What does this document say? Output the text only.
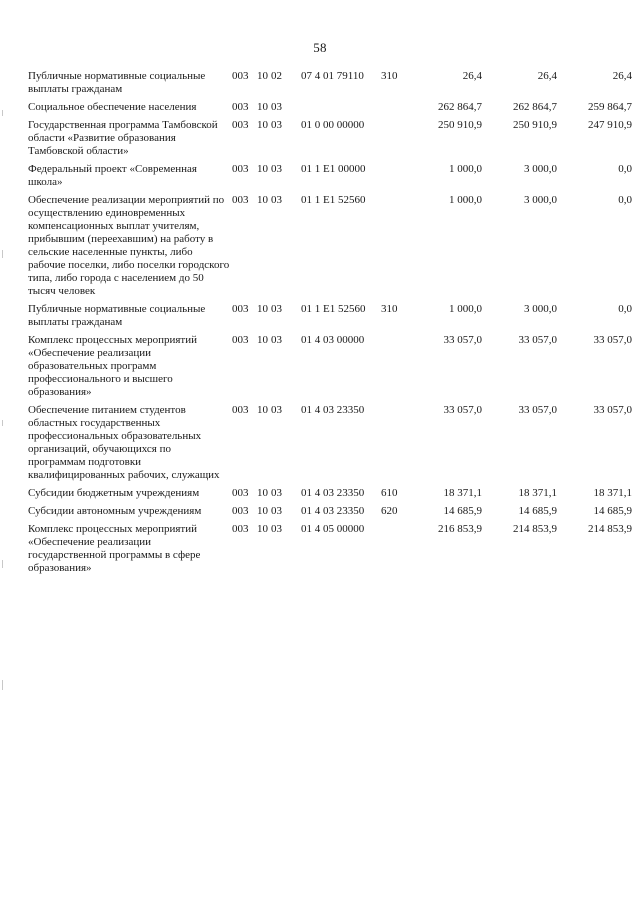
58
Публичные нормативные социальные выплаты гражданам	003	10	02	07 4 01 79110	310	26,4	26,4	26,4
Социальное обеспечение населения	003	10	03			262 864,7	262 864,7	259 864,7
Государственная программа Тамбовской области «Развитие образования Тамбовской области»	003	10	03	01 0 00 00000		250 910,9	250 910,9	247 910,9
Федеральный проект «Современная школа»	003	10	03	01 1 E1 00000		1 000,0	3 000,0	0,0
Обеспечение реализации мероприятий по осуществлению единовременных компенсационных выплат учителям, прибывшим (переехавшим) на работу в сельские населенные пункты, либо рабочие поселки, либо поселки городского типа, либо города с населением до 50 тысяч человек	003	10	03	01 1 E1 52560		1 000,0	3 000,0	0,0
Публичные нормативные социальные выплаты гражданам	003	10	03	01 1 E1 52560	310	1 000,0	3 000,0	0,0
Комплекс процессных мероприятий «Обеспечение реализации образовательных программ профессионального и высшего образования»	003	10	03	01 4 03 00000		33 057,0	33 057,0	33 057,0
Обеспечение питанием студентов областных государственных профессиональных образовательных организаций, обучающихся по программам подготовки квалифицированных рабочих, служащих	003	10	03	01 4 03 23350		33 057,0	33 057,0	33 057,0
Субсидии бюджетным учреждениям	003	10	03	01 4 03 23350	610	18 371,1	18 371,1	18 371,1
Субсидии автономным учреждениям	003	10	03	01 4 03 23350	620	14 685,9	14 685,9	14 685,9
Комплекс процессных мероприятий «Обеспечение реализации государственной программы в сфере образования»	003	10	03	01 4 05 00000		216 853,9	214 853,9	214 853,9
